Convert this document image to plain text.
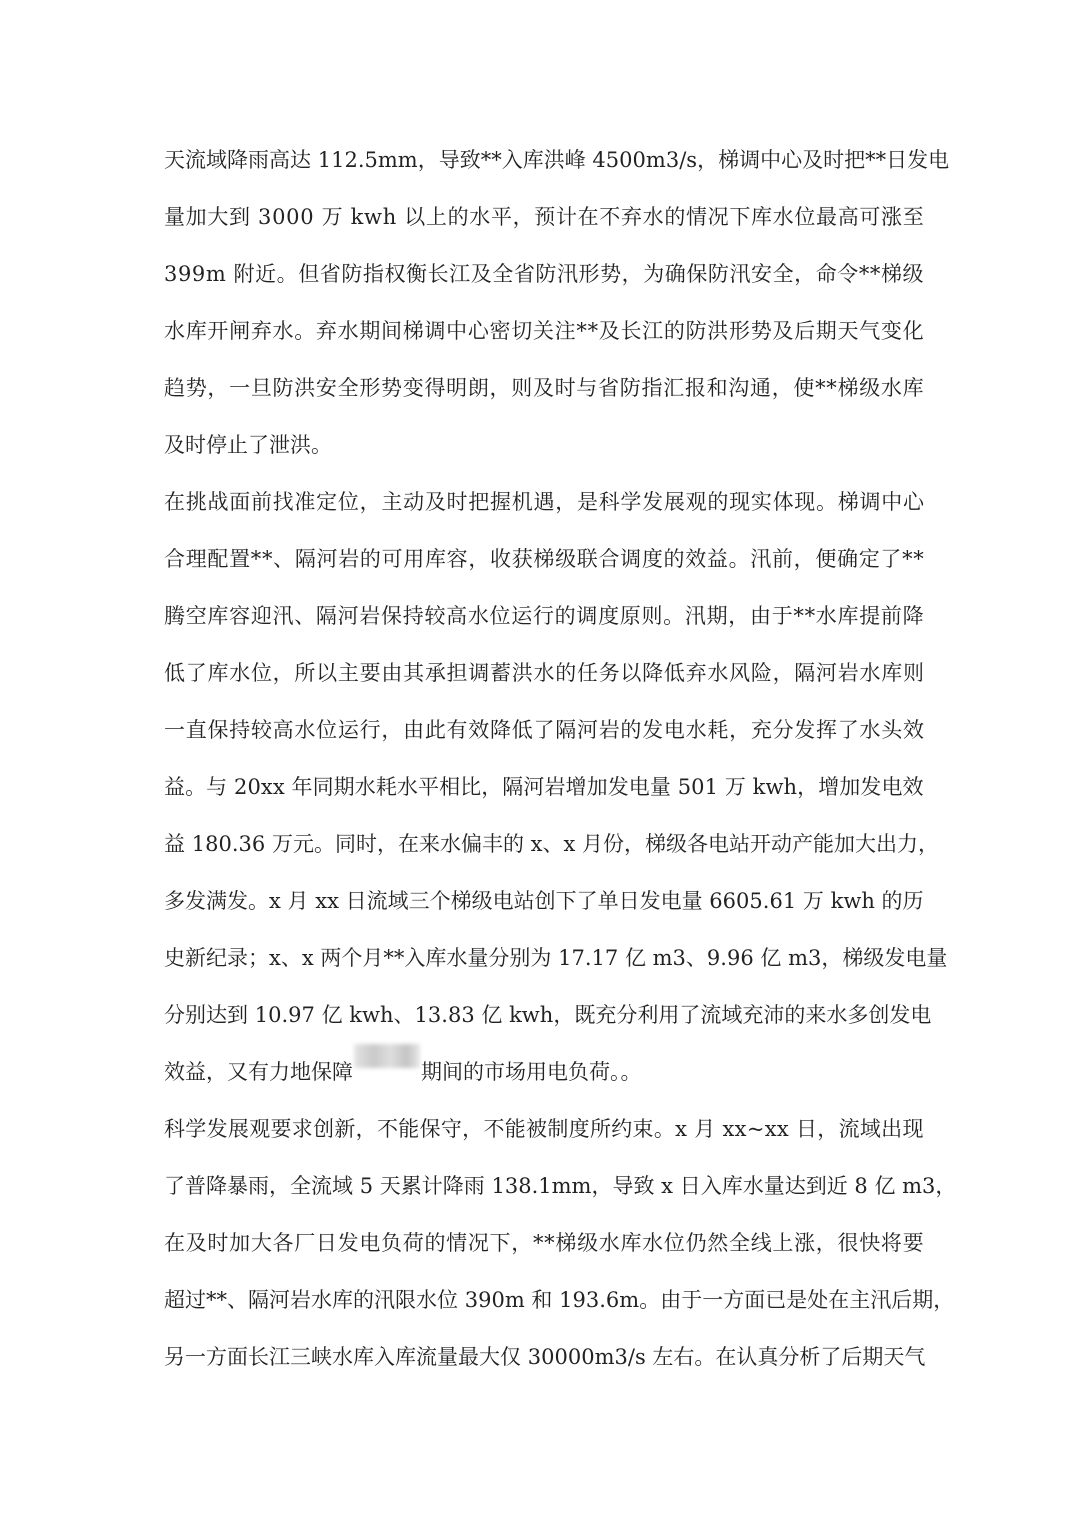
天 流 域 降 雨 高 达
1 1 2 . 5 m m ， 导 致 * * 入 库 洪 峰
4 5 0 0 m 3 / s ， 梯 调 中 心 及 时 把 * * 日 发 电
量 加 大 到
3 0 0 0
万
k w h
以 上 的 水 平 ， 预 计 在 不 弃 水 的 情 况 下 库 水 位 最 高 可 涨 至
3 9 9 m
附 近 。 但 省 防 指 权 衡 长 江 及 全 省 防 汛 形 势 ， 为 确 保 防 汛 安 全 ， 命 令 * * 梯 级
水 库 开 闸 弃 水 。 弃 水 期 间 梯 调 中 心 密 切 关 注 * * 及 长 江 的 防 洪 形 势 及 后 期 天 气 变 化
趋 势 ， 一 旦 防 洪 安 全 形 势 变 得 明 朗 ， 则 及 时 与 省 防 指 汇 报 和 沟 通 ， 使 * * 梯 级 水 库
及时停止了泄洪。
在 挑 战 面 前 找 准 定 位 ， 主 动 及 时 把 握 机 遇 ， 是 科 学 发 展 观 的 现 实 体 现 。 梯 调 中 心
合 理 配 置 * * 、 隔 河 岩 的 可 用 库 容 ， 收 获 梯 级 联 合 调 度 的 效 益 。 汛 前 ， 便 确 定 了 * *
腾 空 库 容 迎 汛 、 隔 河 岩 保 持 较 高 水 位 运 行 的 调 度 原 则 。 汛 期 ， 由 于 * * 水 库 提 前 降
低 了 库 水 位 ， 所 以 主 要 由 其 承 担 调 蓄 洪 水 的 任 务 以 降 低 弃 水 风 险 ， 隔 河 岩 水 库 则
一 直 保 持 较 高 水 位 运 行 ， 由 此 有 效 降 低 了 隔 河 岩 的 发 电 水 耗 ， 充 分 发 挥 了 水 头 效
益 。 与
2 0 x x
年 同 期 水 耗 水 平 相 比 ， 隔 河 岩 增 加 发 电 量
5 0 1
万
k w h ， 增 加 发 电 效
益
1 8 0 . 3 6
万 元 。 同 时 ， 在 来 水 偏 丰 的
x 、 x
月 份 ， 梯 级 各 电 站 开 动 产 能 加 大 出 力 ，
多 发 满 发 。 x
月
x x
日 流 域 三 个 梯 级 电 站 创 下 了 单 日 发 电 量
6 6 0 5 . 6 1
万
k w h
的 历
史 新 纪 录 ； x 、 x
两 个 月 * * 入 库 水 量 分 别 为
1 7 . 1 7
亿
m 3 、 9 . 9 6
亿
m 3 ， 梯 级 发 电 量
分 别 达 到
1 0 . 9 7
亿
k w h 、 1 3 . 8 3
亿
k w h ， 既 充 分 利 用 了 流 域 充 沛 的 来 水 多 创 发 电
效益，又有力地保障	期间的市场用电负荷。。
科 学 发 展 观 要 求 创 新 ， 不 能 保 守 ， 不 能 被 制 度 所 约 束 。 x
月
x x ~ x x
日 ， 流 域 出 现
了 普 降 暴 雨 ， 全 流 域
5
天 累 计 降 雨
1 3 8 . 1 m m ， 导 致
x
日 入 库 水 量 达 到 近
8
亿
m 3 ，
在 及 时 加 大 各 厂 日 发 电 负 荷 的 情 况 下 ， * * 梯 级 水 库 水 位 仍 然 全 线 上 涨 ， 很 快 将 要
超 过 * * 、 隔 河 岩 水 库 的 汛 限 水 位
3 9 0 m
和
1 9 3 . 6 m 。 由 于 一 方 面 已 是 处 在 主 汛 后 期 ，
另 一 方 面 长 江 三 峡 水 库 入 库 流 量 最 大 仅
3 0 0 0 0 m 3 / s
左 右 。 在 认 真 分 析 了 后 期 天 气
